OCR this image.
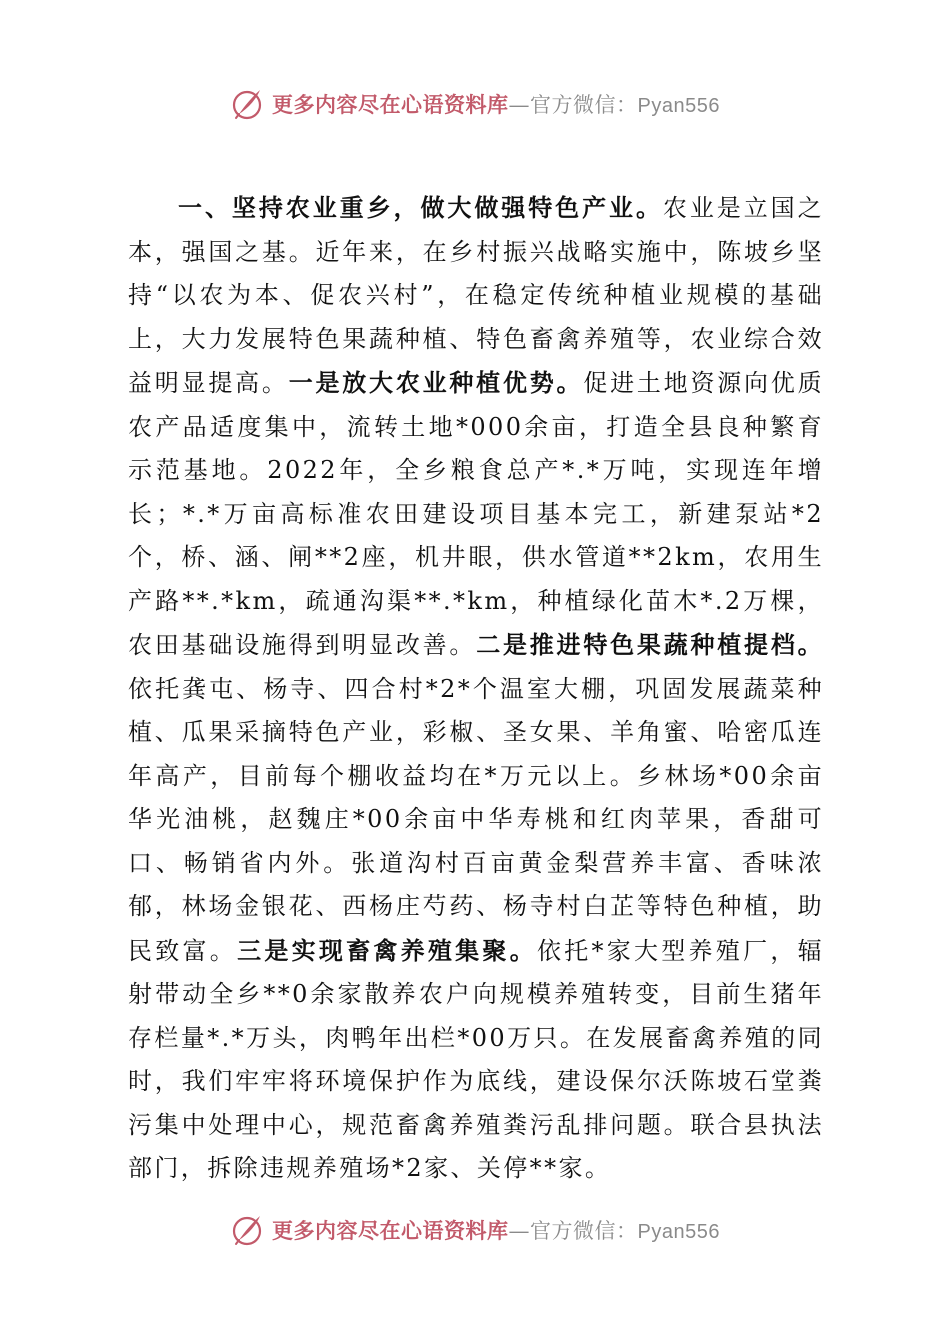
更多内容尽在心语资料库—官方微信：Pyan556

一、坚持农业重乡，做大做强特色产业。农业是立国之本，强国之基。近年来，在乡村振兴战略实施中，陈坡乡坚持“以农为本、促农兴村”，在稳定传统种植业规模的基础上，大力发展特色果蔬种植、特色畜禽养殖等，农业综合效益明显提高。一是放大农业种植优势。促进土地资源向优质农产品适度集中，流转土地*000余亩，打造全县良种繁育示范基地。2022年，全乡粮食总产*.*万吨，实现连年增长；*.*万亩高标准农田建设项目基本完工，新建泵站*2个，桥、涵、闸**2座，机井眼，供水管道**2km，农用生产路**.*km，疏通沟渠**.*km，种植绿化苗木*.2万棵，农田基础设施得到明显改善。二是推进特色果蔬种植提档。依托龚屯、杨寺、四合村*2*个温室大棚，巩固发展蔬菜种植、瓜果采摘特色产业，彩椒、圣女果、羊角蜜、哈密瓜连年高产，目前每个棚收益均在*万元以上。乡林场*00余亩华光油桃，赵魏庄*00余亩中华寿桃和红肉苹果，香甜可口、畅销省内外。张道沟村百亩黄金梨营养丰富、香味浓郁，林场金银花、西杨庄芍药、杨寺村白芷等特色种植，助民致富。三是实现畜禽养殖集聚。依托*家大型养殖厂，辐射带动全乡**0余家散养农户向规模养殖转变，目前生猪年存栏量*.*万头，肉鸭年出栏*00万只。在发展畜禽养殖的同时，我们牢牢将环境保护作为底线，建设保尔沃陈坡石堂粪污集中处理中心，规范畜禽养殖粪污乱排问题。联合县执法部门，拆除违规养殖场*2家、关停**家。

更多内容尽在心语资料库—官方微信：Pyan556
